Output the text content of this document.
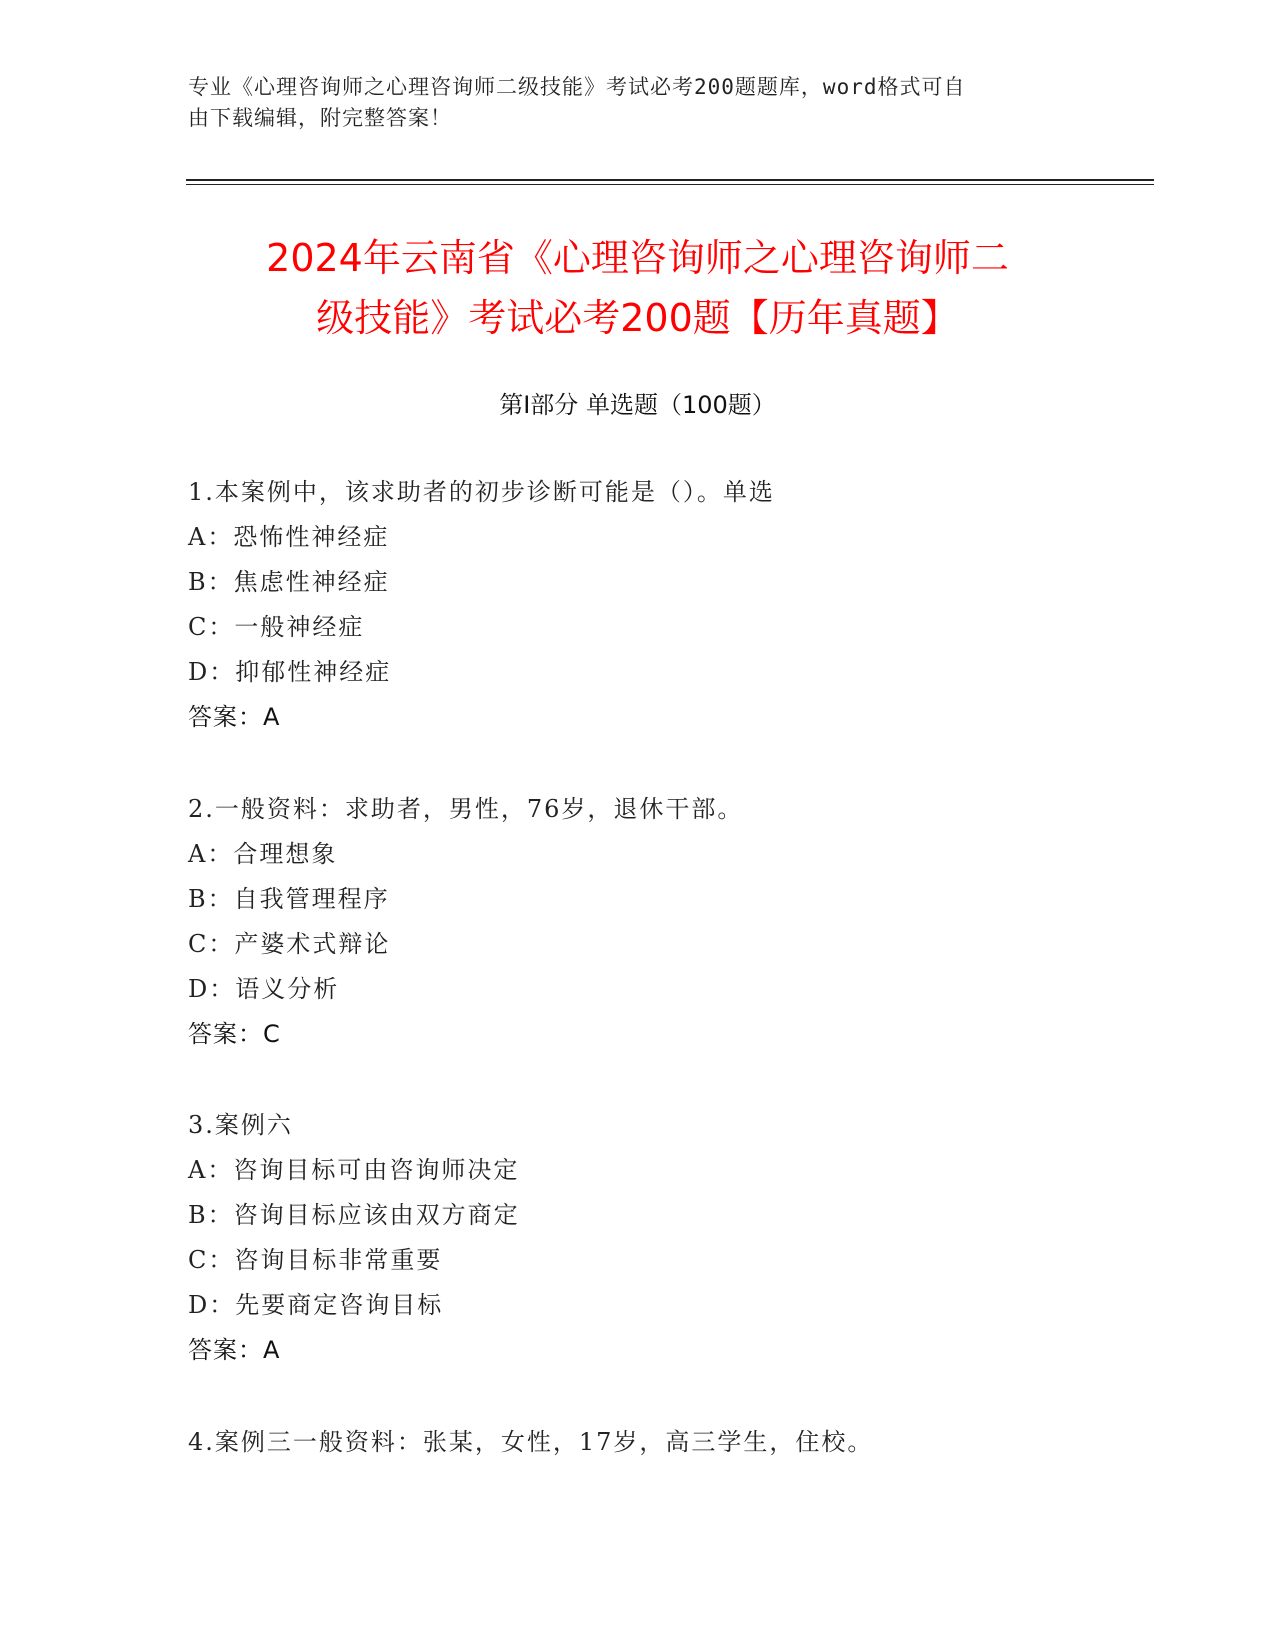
专业《心理咨询师之心理咨询师二级技能》考试必考200题题库，word格式可自
由下载编辑，附完整答案！
2024年云南省《心理咨询师之心理咨询师二
级技能》考试必考200题【历年真题】
第Ⅰ部分 单选题（100题）
1.本案例中，该求助者的初步诊断可能是（）。单选
A：恐怖性神经症
B：焦虑性神经症
C：一般神经症
D：抑郁性神经症
答案：A
2.一般资料：求助者，男性，76岁，退休干部。
A：合理想象
B：自我管理程序
C：产婆术式辩论
D：语义分析
答案：C
3.案例六
A：咨询目标可由咨询师决定
B：咨询目标应该由双方商定
C：咨询目标非常重要
D：先要商定咨询目标
答案：A
4.案例三一般资料：张某，女性，17岁，高三学生，住校。
